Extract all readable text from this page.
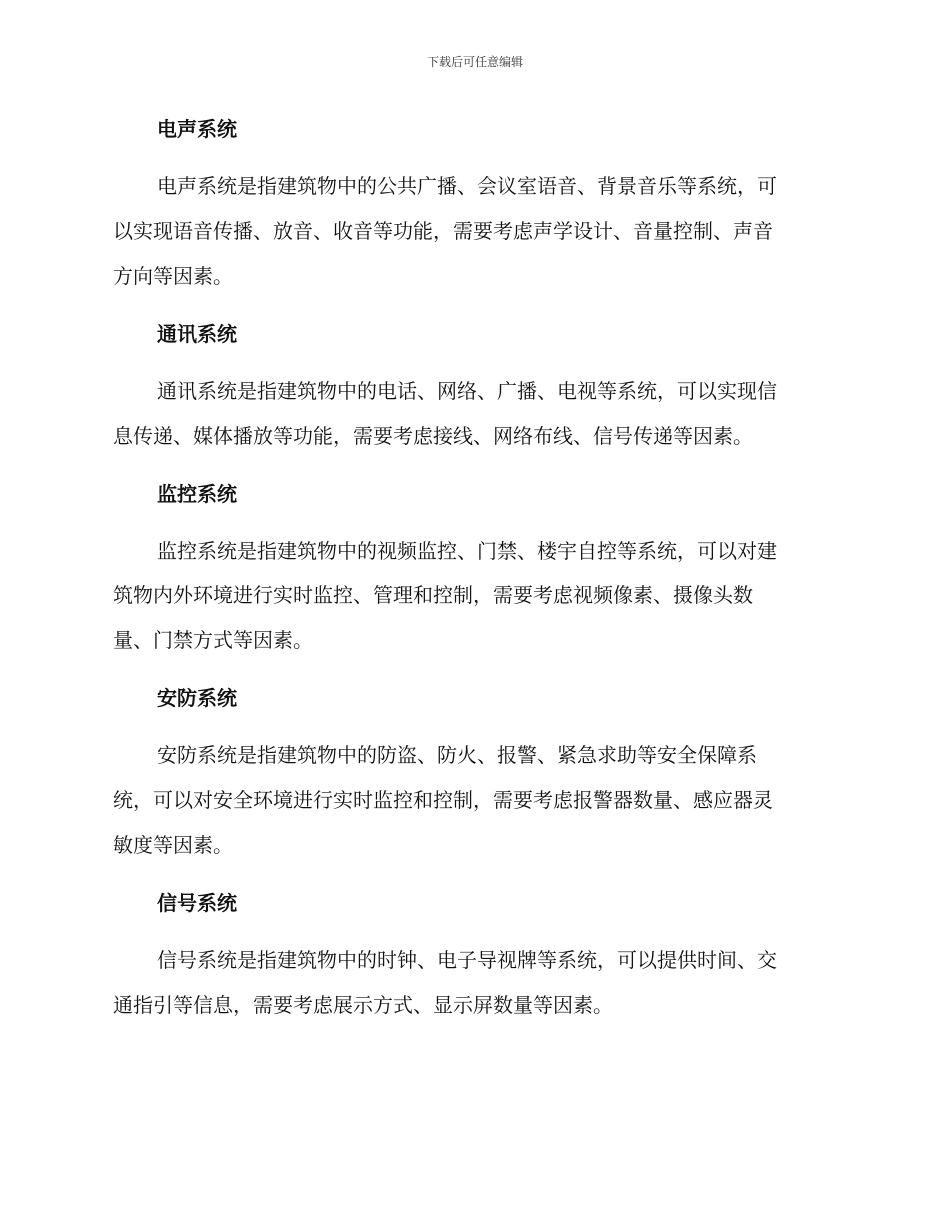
下载后可任意编辑
电声系统
电声系统是指建筑物中的公共广播、会议室语音、背景音乐等系统，可
以实现语音传播、放音、收音等功能，需要考虑声学设计、音量控制、声音
方向等因素。
通讯系统
通讯系统是指建筑物中的电话、网络、广播、电视等系统，可以实现信
息传递、媒体播放等功能，需要考虑接线、网络布线、信号传递等因素。
监控系统
监控系统是指建筑物中的视频监控、门禁、楼宇自控等系统，可以对建
筑物内外环境进行实时监控、管理和控制，需要考虑视频像素、摄像头数
量、门禁方式等因素。
安防系统
安防系统是指建筑物中的防盗、防火、报警、紧急求助等安全保障系
统，可以对安全环境进行实时监控和控制，需要考虑报警器数量、感应器灵
敏度等因素。
信号系统
信号系统是指建筑物中的时钟、电子导视牌等系统，可以提供时间、交
通指引等信息，需要考虑展示方式、显示屏数量等因素。
